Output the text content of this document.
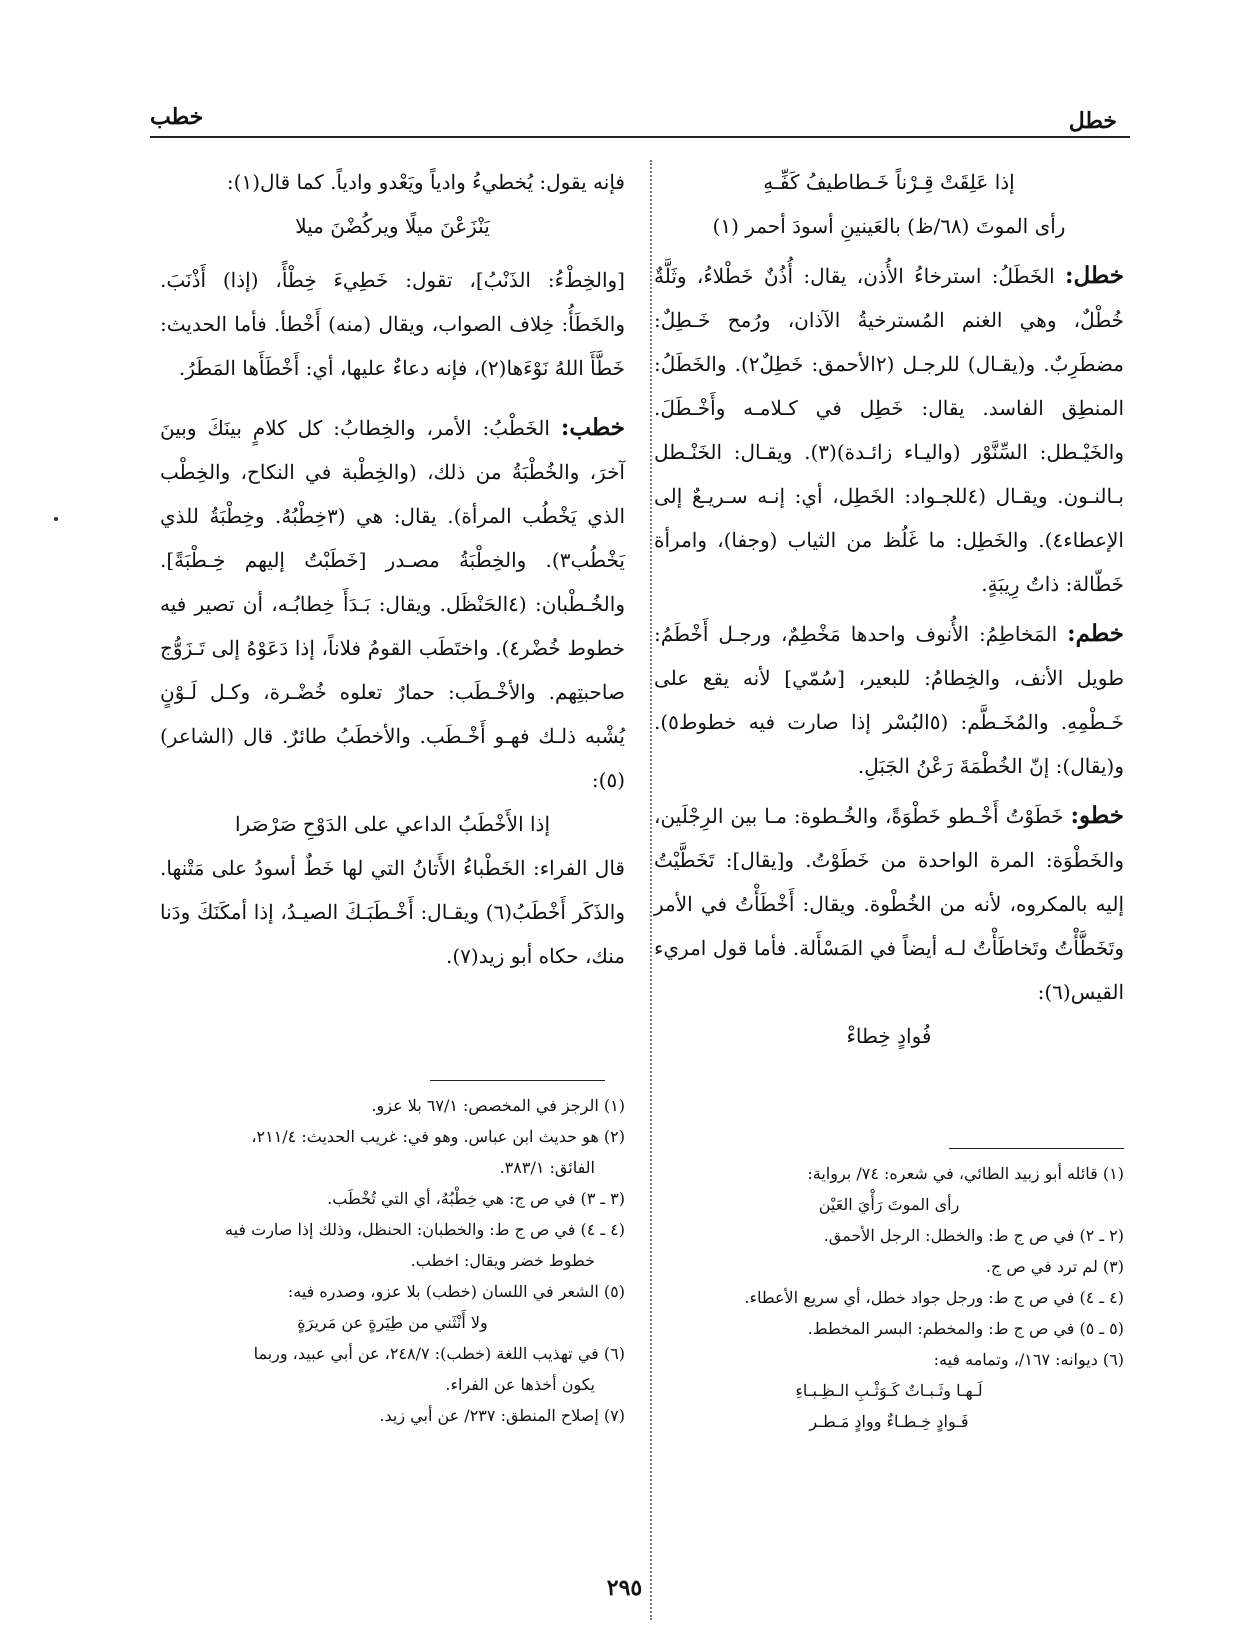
خطل
خطب
إذا عَلِقَتْ قِـرْناً خَـطاطيفُ كَفِّـهِ
رأى الموتَ (٦٨/ظ) بالعَينينِ أسودَ أحمر (١)

خطل: الخَطَلُ: استرخاءُ الأُذن، يقال: أُذُنٌ خَطْلاءُ، وثَلَّةٌ خُطْلٌ، وهي الغنم المُسترخيةُ الآذان، ورُمح خَـطِلٌ: مضطَرِبٌ. و(يقـال) للرجـل (٢الأحمق: خَطِلٌ٢). والخَطَلُ: المنطِق الفاسد. يقال: خَطِل في كـلامـه وأَخْـطَلَ. والخَيْـطل: السِّنَّوْر (واليـاء زائـدة)(٣). ويقـال: الخَنْـطل بـالنـون. ويقـال (٤للجـواد: الخَطِل، أي: إنـه سـريـعٌ إلى الإعطاء٤). والخَطِل: ما غَلُظ من الثياب (وجفا)، وامرأة خَطّالة: ذاتُ رِيبَةٍ.

خطم: المَخاطِمُ: الأُنوف واحدها مَخْطِمٌ، ورجـل أَخْطَمُ: طويل الأنف، والخِطامُ: للبعير، [سُمّي] لأنه يقع على خَـطْمِهِ. والمُخَـطَّم: (٥البُسْر إذا صارت فيه خطوط٥). و(يقال): إنّ الخُطْمَةَ رَعْنُ الجَبَلِ.

خطو: خَطَوْتُ أَخْـطو خَطْوَةً، والخُـطوة: مـا بين الرِجْلَين، والخَطْوَة: المرة الواحدة من خَطَوْتُ. و[يقال]: تَخَطَّيْتُ إليه بالمكروه، لأنه من الخُطْوة. ويقال: أَخْطَأْتُ في الأمر وتَخَطَّأْتُ وتَخاطَأْتُ لـه أيضاً في المَسْأَلة. فأما قول امريء القيس(٦):

فُوادٍ خِطاءْ

فإنه يقول: يُخطيءُ وادياً ويَعْدو وادياً. كما قال(١):

يَنْزَعْنَ ميلًا ويركُضْنَ ميلا

[والخِطْءُ: الذَنْبُ]، تقول: خَطِيءَ خِطْأً، (إذا) أَذْنَبَ. والخَطَأُ: خِلاف الصواب، ويقال (منه) أَخْطأ. فأما الحديث: خَطَّأَ اللهُ نَوْءَها(٢)، فإنه دعاءٌ عليها، أي: أَخْطَأَها المَطَرُ.

خطب: الخَطْبُ: الأمر، والخِطابُ: كل كلامٍ بينَكَ وبينَ آخرَ، والخُطْبَةُ من ذلك، (والخِطْبة في النكاح، والخِطْب الذي يَخْطُب المرأة). يقال: هي (٣خِطْبُهُ. وخِطْبَةُ للذي يَخْطُب٣). والخِطْبَةُ مصـدر [خَطَبْتُ إليهم خِـطْبَةً]. والخُـطْبان: (٤الحَنْظَل. ويقال: بَـدَأَ خِطابُـه، أن تصير فيه خطوط خُضْر٤). واختَطَب القومُ فلاناً، إذا دَعَوْهُ إلى تَـزَوُّج صاحبتِهم. والأخْـطَب: حمارٌ تعلوه خُضْـرة، وكـل لَـوْنٍ يُشْبه ذلـك فهـو أَخْـطَب. والأخطَبُ طائرٌ. قال (الشاعر)(٥):

إذا الأَخْطَبُ الداعي على الدَوْحِ صَرْصَرا

قال الفراء: الخَطْباءُ الأَتانُ التي لها خَطٌ أسودُ على مَتْنها. والذَكَر أَخْطَبُ(٦) ويقـال: أَخْـطَبَـكَ الصيـدُ، إذا أمكَنَكَ ودَنا منك، حكاه أبو زيد(٧).

(١) قائله أبو زبيد الطائي، في شعره: ٧٤/ برواية:

رأى الموتَ رَأْيَ العَيْن

(٢ ـ ٢) في ص ج ط: والخطل: الرجل الأحمق.

(٣) لم ترد في ص ج.

(٤ ـ ٤) في ص ج ط: ورجل جواد خطل، أي سريع الأعطاء.

(٥ ـ ٥) في ص ج ط: والمخطم: البسر المخطط.

(٦) ديوانه: ١٦٧/، وتمامه فيه:

لَـهـا وثَـبـاتٌ كَـوَثْـبِ الـظِـبـاءِ

فَـوادٍ خِـطـاءٌ ووادٍ مَـطـر

(١) الرجز في المخصص: ٦٧/١ بلا عزو.

(٢) هو حديث ابن عباس. وهو في: غريب الحديث: ٢١١/٤،

الفائق: ٣٨٣/١.

(٣ ـ ٣) في ص ج: هي خِطْبُهُ، أي التي تُخْطَب.

(٤ ـ ٤) في ص ج ط: والخطبان: الحنظل، وذلك إذا صارت فيه

خطوط خضر ويقال: اخطب.

(٥) الشعر في اللسان (خطب) بلا عزو، وصدره فيه:

ولا أَنْثَني من طِيَرةٍ عن مَريرَةٍ

(٦) في تهذيب اللغة (خطب): ٢٤٨/٧، عن أبي عبيد، وربما

يكون أخذها عن الفراء.

(٧) إصلاح المنطق: ٢٣٧/ عن أبي زيد.

٢٩٥
